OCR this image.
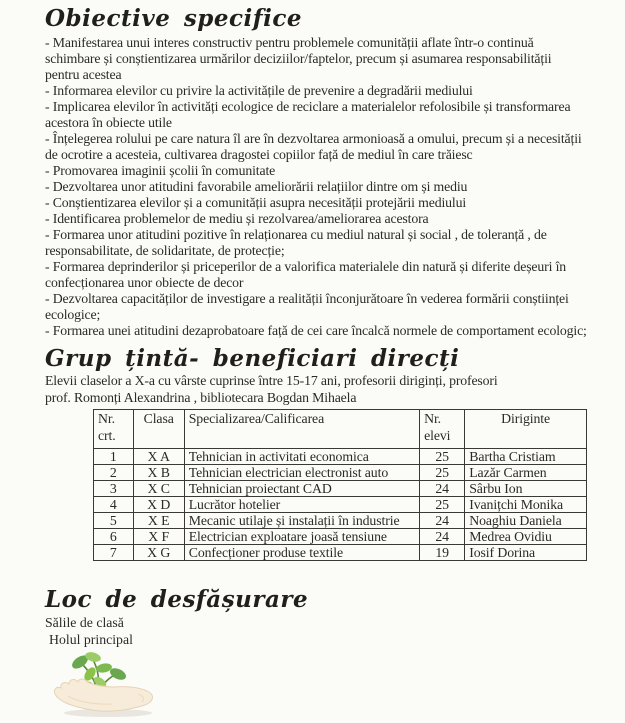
Obiective specifice

- Manifestarea unui interes constructiv pentru problemele comunității aflate într-o continuă schimbare și conștientizarea urmărilor deciziilor/faptelor, precum și asumarea responsabilității pentru acestea

- Informarea elevilor cu privire la activitățile de prevenire a degradării mediului

- Implicarea elevilor în activități ecologice de reciclare a materialelor refolosibile și transformarea acestora în obiecte utile

- Înțelegerea rolului pe care natura îl are în dezvoltarea armonioasă a omului, precum și a necesității de ocrotire a acesteia, cultivarea dragostei copiilor față de mediul în care trăiesc

- Promovarea imaginii școlii în comunitate

- Dezvoltarea unor atitudini favorabile ameliorării relațiilor dintre om și mediu

- Conștientizarea elevilor și a comunității asupra necesității protejării mediului

- Identificarea problemelor de mediu și rezolvarea/ameliorarea acestora

- Formarea unor atitudini pozitive în relaționarea cu mediul natural și social , de toleranță , de responsabilitate, de solidaritate, de protecție;

- Formarea deprinderilor și priceperilor de a valorifica materialele din natură și diferite deșeuri în confecționarea unor obiecte de decor

- Dezvoltarea capacităților de investigare a realității înconjurătoare în vederea formării conștiinței ecologice;

- Formarea unei atitudini dezaprobatoare față de cei care încalcă normele de comportament ecologic;

Grup țintă- beneficiari direcți

Elevii claselor a X-a cu vârste cuprinse între 15-17 ani, profesorii diriginți, profesori

prof. Romonți Alexandrina , bibliotecara Bogdan Mihaela

Nr. crt.	Clasa	Specializarea/Calificarea	Nr. elevi	Diriginte
1	X A	Tehnician in activitati economica	25	Bartha Cristiam
2	X B	Tehnician electrician electronist auto	25	Lazăr Carmen
3	X C	Tehnician proiectant CAD	24	Sârbu Ion
4	X D	Lucrător hotelier	25	Ivanițchi Monika
5	X E	Mecanic utilaje și instalații în industrie	24	Noaghiu Daniela
6	X F	Electrician exploatare joasă tensiune	24	Medrea Ovidiu
7	X G	Confecționer produse textile	19	Iosif Dorina
Loc de desfășurare

Sălile de clasă

Holul principal
